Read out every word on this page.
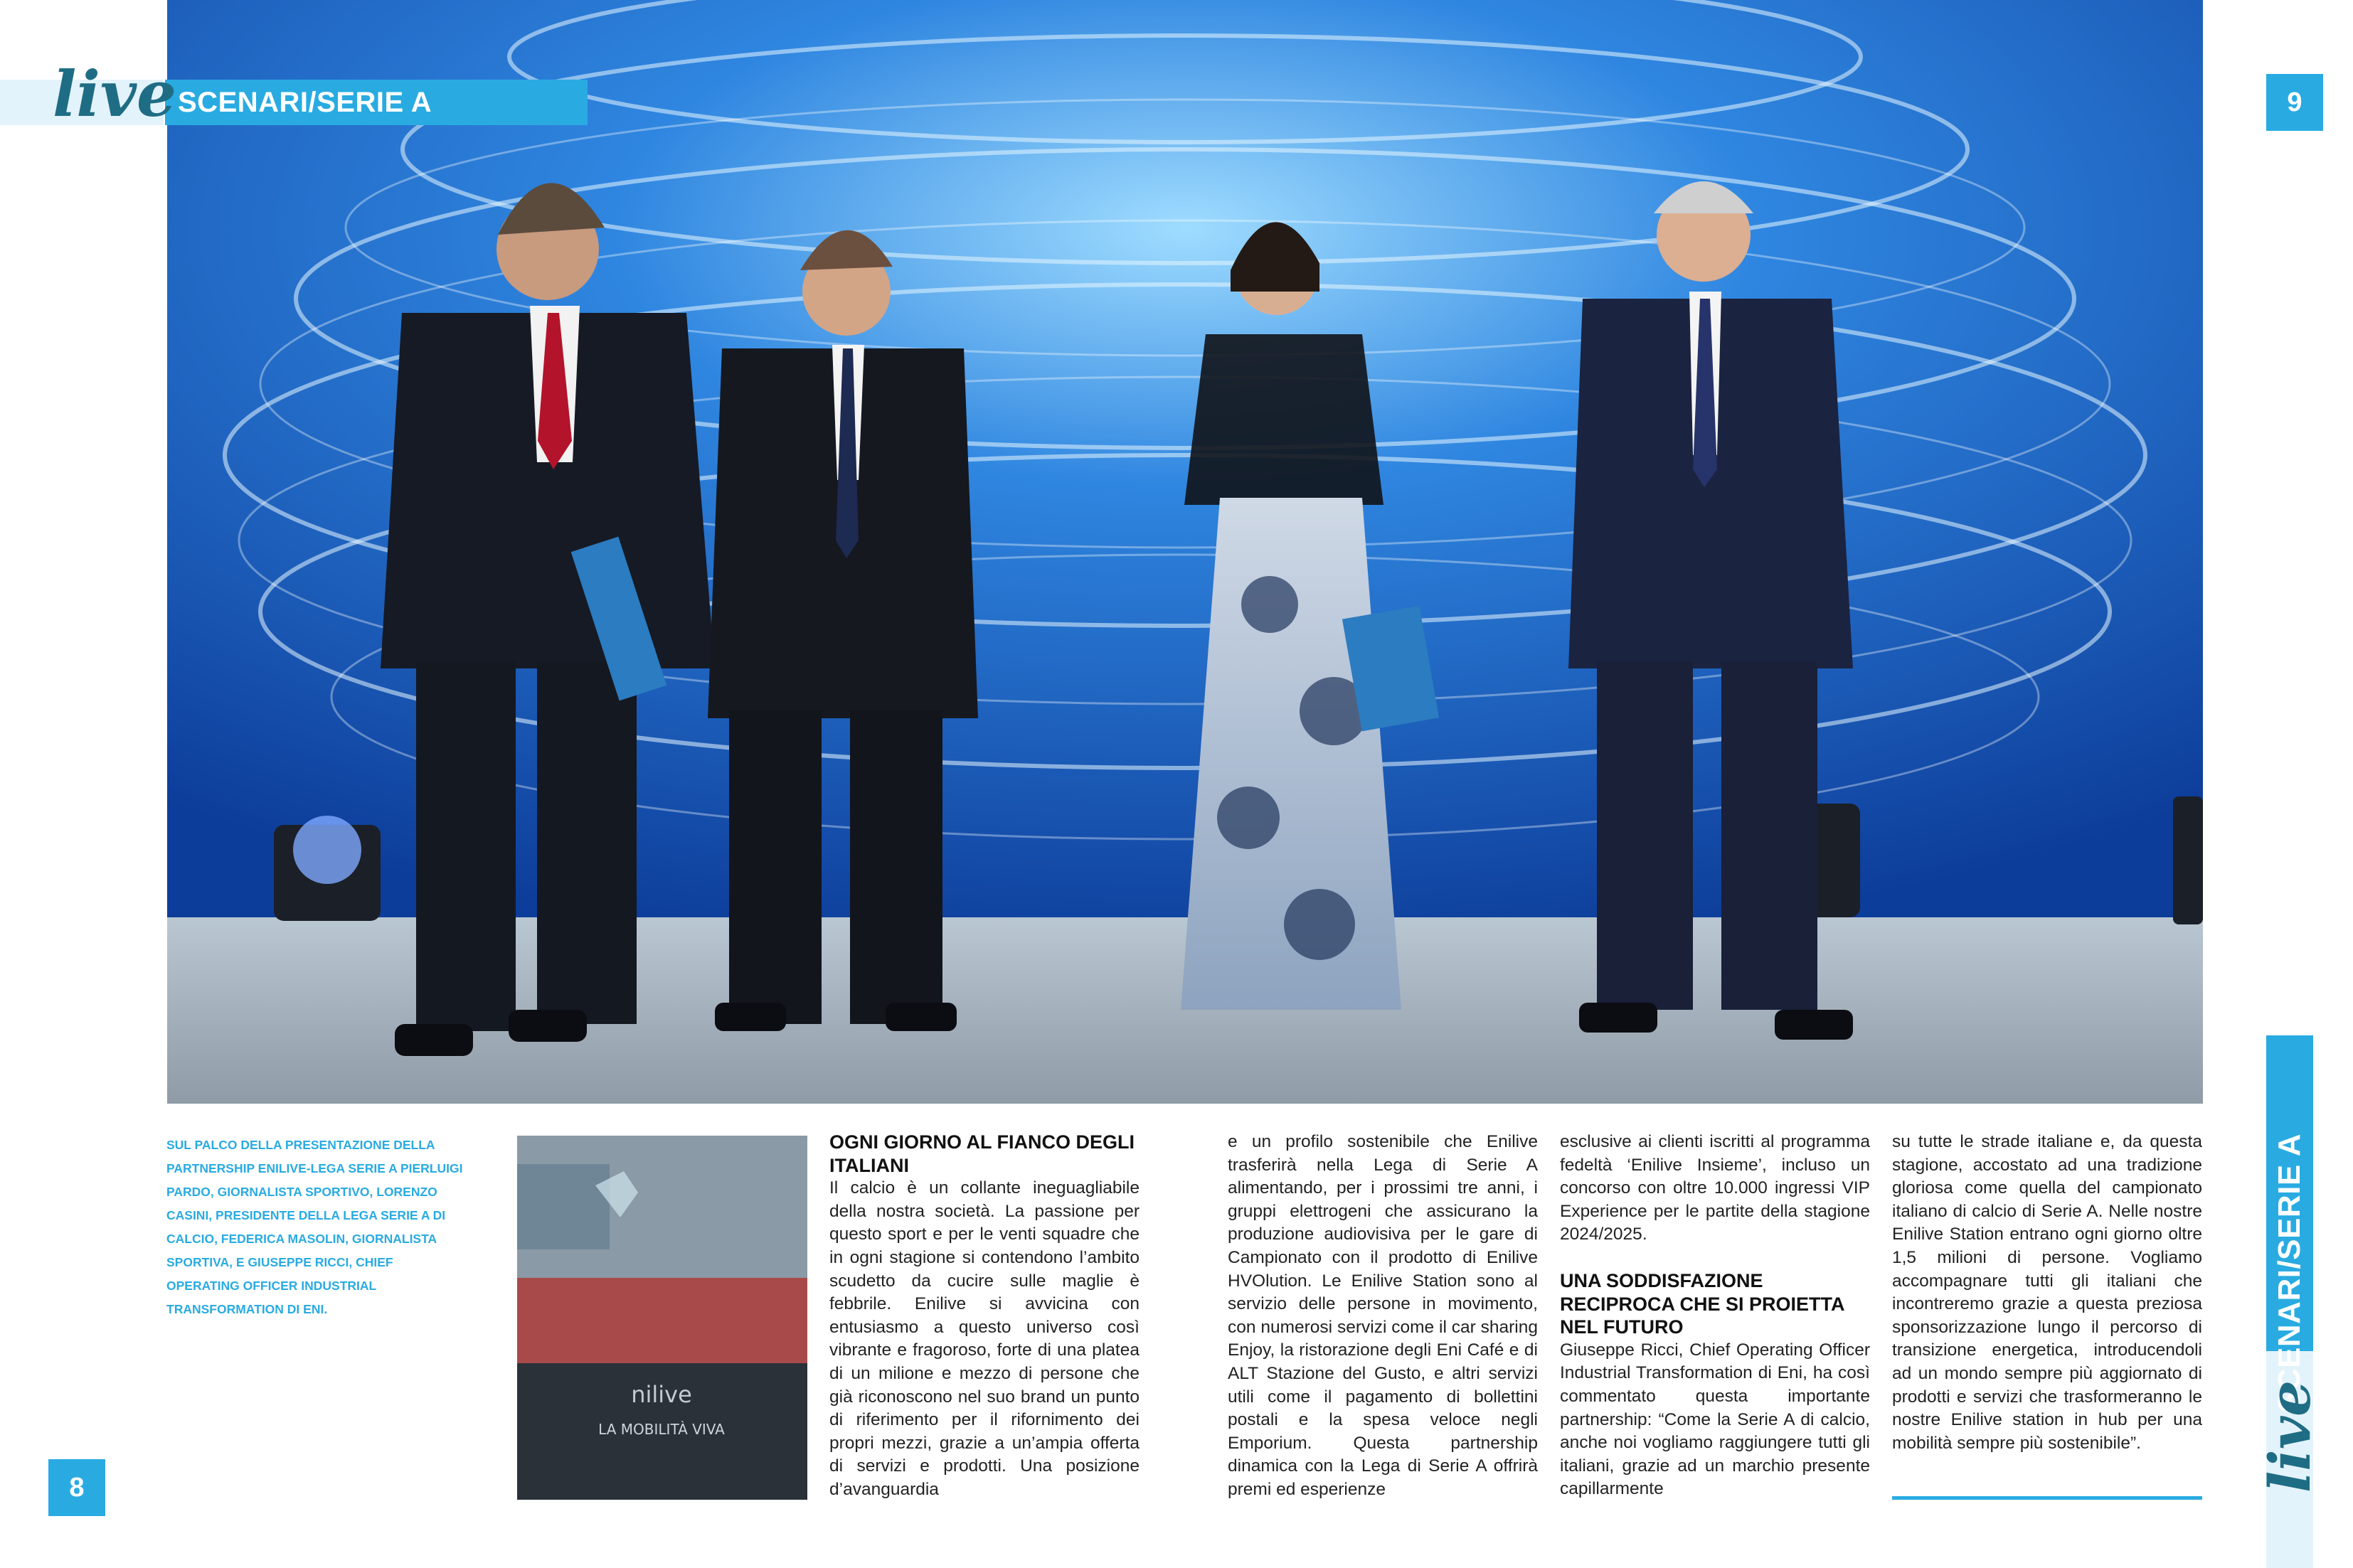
SCENARI/SERIE A
live	9
8
SCENARI/SERIE A
live
SUL PALCO DELLA PRESENTAZIONE DELLA PARTNERSHIP ENILIVE-LEGA SERIE A PIERLUIGI PARDO, GIORNALISTA SPORTIVO, LORENZO CASINI, PRESIDENTE DELLA LEGA SERIE A DI CALCIO, FEDERICA MASOLIN, GIORNALISTA SPORTIVA, E GIUSEPPE RICCI, CHIEF OPERATING OFFICER INDUSTRIAL TRANSFORMATION DI ENI.
nilive
LA MOBILITÀ VIVA

OGNI GIORNO AL FIANCO DEGLI ITALIANI

Il calcio è un collante ineguagliabile della nostra società. La passione per questo sport e per le venti squadre che in ogni stagione si contendono l’ambito scudetto da cucire sulle maglie è febbrile. Enilive si avvicina con entusiasmo a questo universo così vibrante e fragoroso, forte di una platea di un milione e mezzo di persone che già riconoscono nel suo brand un punto di riferimento per il rifornimento dei propri mezzi, grazie a un’ampia offerta di servizi e prodotti. Una posizione d’avanguardia

e un profilo sostenibile che Enilive trasferirà nella Lega di Serie A alimentando, per i prossimi tre anni, i gruppi elettrogeni che assicurano la produzione audiovisiva per le gare di Campionato con il prodotto di Enilive HVOlution. Le Enilive Station sono al servizio delle persone in movimento, con numerosi servizi come il car sharing Enjoy, la ristorazione degli Eni Café e di ALT Stazione del Gusto, e altri servizi utili come il pagamento di bollettini postali e la spesa veloce negli Emporium. Questa partnership dinamica con la Lega di Serie A offrirà premi ed esperienze

esclusive ai clienti iscritti al programma fedeltà ‘Enilive Insieme’, incluso un concorso con oltre 10.000 ingressi VIP Experience per le partite della stagione 2024/2025.

UNA SODDISFAZIONE RECIPROCA CHE SI PROIETTA NEL FUTURO

Giuseppe Ricci, Chief Operating Officer Industrial Transformation di Eni, ha così commentato questa importante partnership: “Come la Serie A di calcio, anche noi vogliamo raggiungere tutti gli italiani, grazie ad un marchio presente capillarmente

su tutte le strade italiane e, da questa stagione, accostato ad una tradizione gloriosa come quella del campionato italiano di calcio di Serie A. Nelle nostre Enilive Station entrano ogni giorno oltre 1,5 milioni di persone. Vogliamo accompagnare tutti gli italiani che incontreremo grazie a questa preziosa sponsorizzazione lungo il percorso di transizione energetica, introducendoli ad un mondo sempre più aggiornato di prodotti e servizi che trasformeranno le nostre Enilive station in hub per una mobilità sempre più sostenibile”.
